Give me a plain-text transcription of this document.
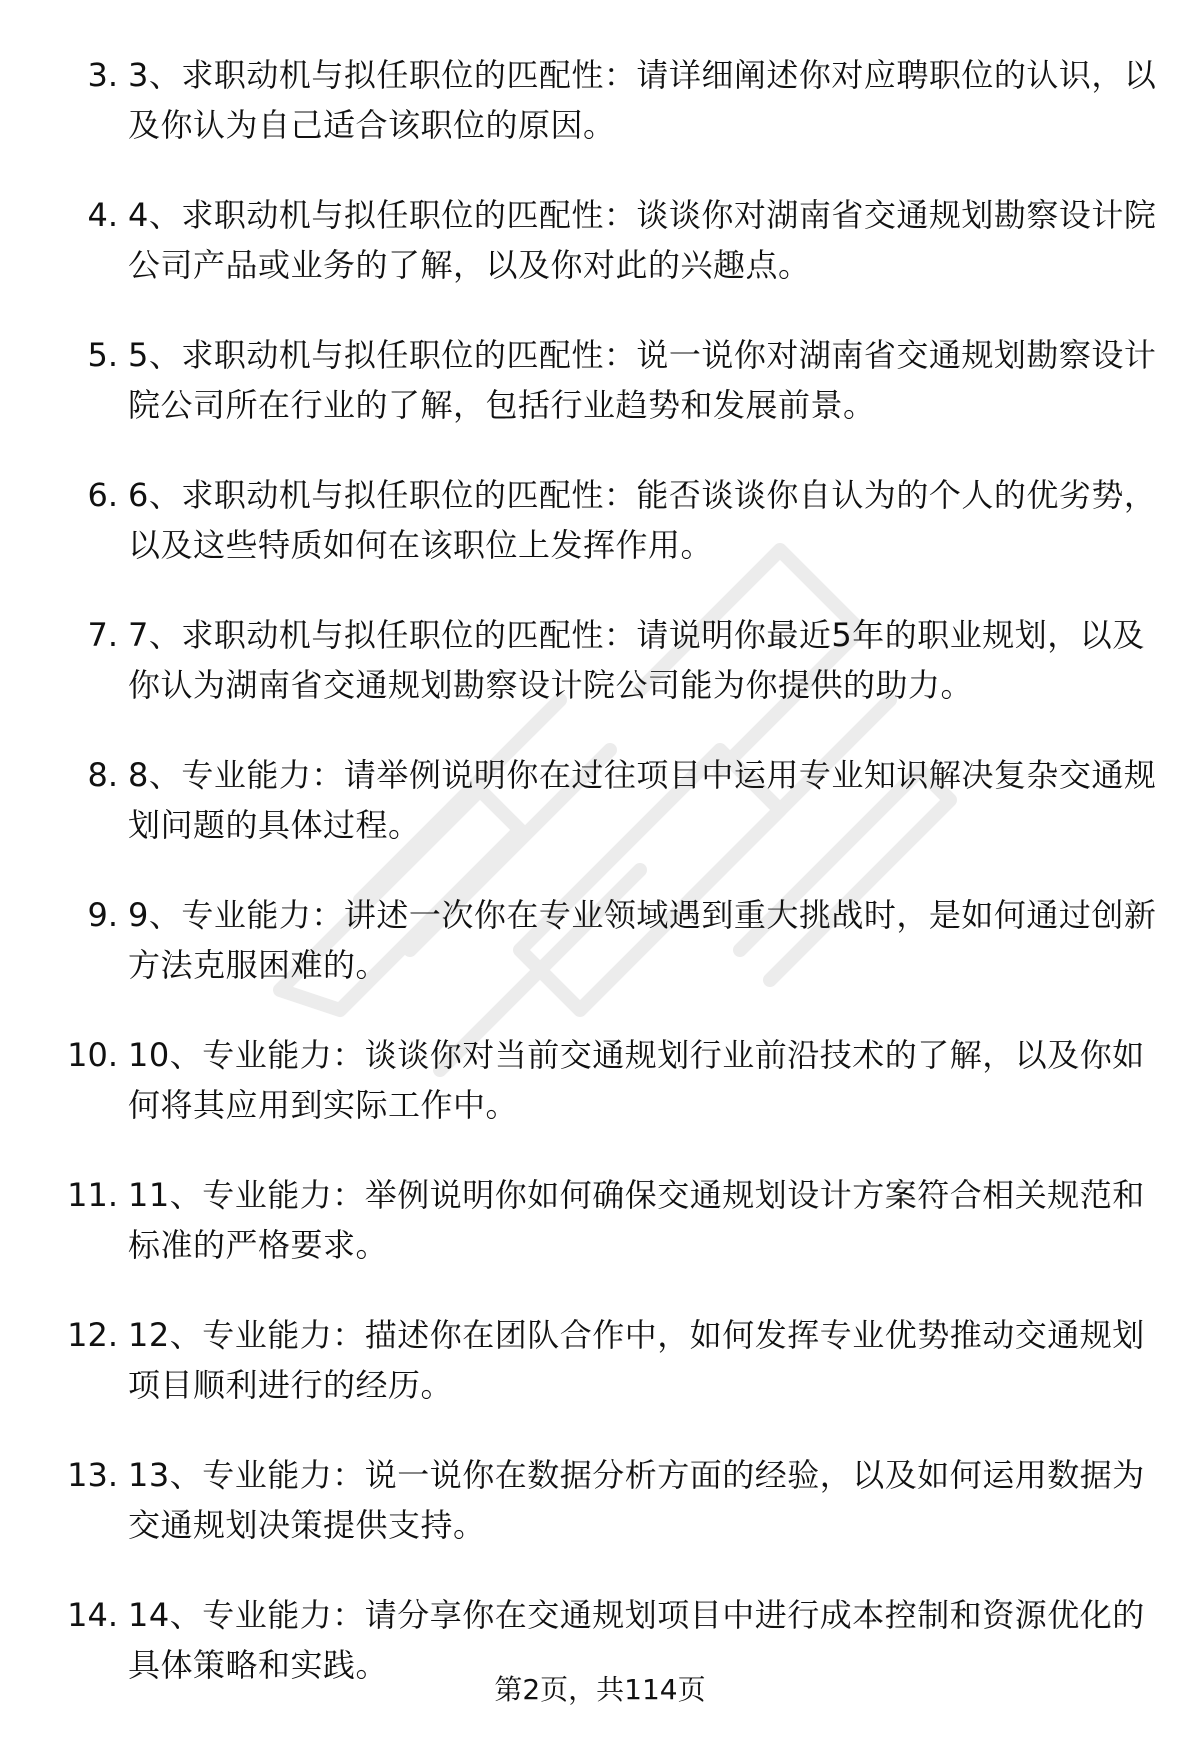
3. 3、求职动机与拟任职位的匹配性：请详细阐述你对应聘职位的认识，以及你认为自己适合该职位的原因。
4. 4、求职动机与拟任职位的匹配性：谈谈你对湖南省交通规划勘察设计院公司产品或业务的了解，以及你对此的兴趣点。
5. 5、求职动机与拟任职位的匹配性：说一说你对湖南省交通规划勘察设计院公司所在行业的了解，包括行业趋势和发展前景。
6. 6、求职动机与拟任职位的匹配性：能否谈谈你自认为的个人的优劣势，以及这些特质如何在该职位上发挥作用。
7. 7、求职动机与拟任职位的匹配性：请说明你最近5年的职业规划，以及你认为湖南省交通规划勘察设计院公司能为你提供的助力。
8. 8、专业能力：请举例说明你在过往项目中运用专业知识解决复杂交通规划问题的具体过程。
9. 9、专业能力：讲述一次你在专业领域遇到重大挑战时，是如何通过创新方法克服困难的。
10. 10、专业能力：谈谈你对当前交通规划行业前沿技术的了解，以及你如何将其应用到实际工作中。
11. 11、专业能力：举例说明你如何确保交通规划设计方案符合相关规范和标准的严格要求。
12. 12、专业能力：描述你在团队合作中，如何发挥专业优势推动交通规划项目顺利进行的经历。
13. 13、专业能力：说一说你在数据分析方面的经验，以及如何运用数据为交通规划决策提供支持。
14. 14、专业能力：请分享你在交通规划项目中进行成本控制和资源优化的具体策略和实践。
第2页，共114页
